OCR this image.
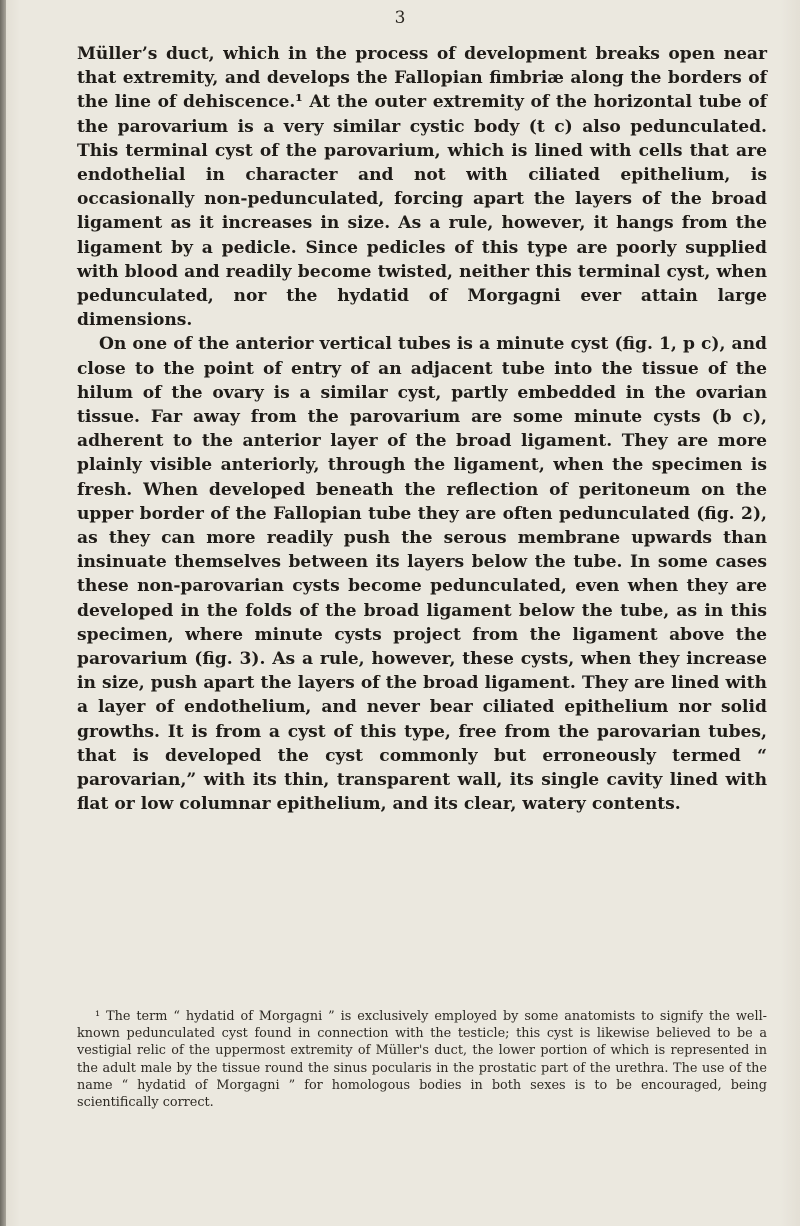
3

Müller’s duct, which in the process of development breaks open near that extremity, and develops the Fallopian fimbriæ along the borders of the line of dehiscence.¹ At the outer extremity of the horizontal tube of the parovarium is a very similar cystic body (t c) also pedunculated. This terminal cyst of the parovarium, which is lined with cells that are endothelial in character and not with ciliated epithelium, is occasionally non-pedunculated, forcing apart the layers of the broad ligament as it increases in size. As a rule, however, it hangs from the ligament by a pedicle. Since pedicles of this type are poorly supplied with blood and readily become twisted, neither this terminal cyst, when pedunculated, nor the hydatid of Morgagni ever attain large dimensions.

On one of the anterior vertical tubes is a minute cyst (fig. 1, p c), and close to the point of entry of an adjacent tube into the tissue of the hilum of the ovary is a similar cyst, partly embedded in the ovarian tissue. Far away from the parovarium are some minute cysts (b c), adherent to the anterior layer of the broad ligament. They are more plainly visible anteriorly, through the ligament, when the specimen is fresh. When developed beneath the reflection of peritoneum on the upper border of the Fallopian tube they are often pedunculated (fig. 2), as they can more readily push the serous membrane upwards than insinuate themselves between its layers below the tube. In some cases these non-parovarian cysts become pedunculated, even when they are developed in the folds of the broad ligament below the tube, as in this specimen, where minute cysts project from the ligament above the parovarium (fig. 3). As a rule, however, these cysts, when they increase in size, push apart the layers of the broad ligament. They are lined with a layer of endothelium, and never bear ciliated epithelium nor solid growths. It is from a cyst of this type, free from the parovarian tubes, that is developed the cyst commonly but erroneously termed “ parovarian,” with its thin, transparent wall, its single cavity lined with flat or low columnar epithelium, and its clear, watery contents.

¹ The term “ hydatid of Morgagni ” is exclusively employed by some anatomists to signify the well-known pedunculated cyst found in connection with the testicle; this cyst is likewise believed to be a vestigial relic of the uppermost extremity of Müller's duct, the lower portion of which is represented in the adult male by the tissue round the sinus pocularis in the prostatic part of the urethra. The use of the name “ hydatid of Morgagni ” for homologous bodies in both sexes is to be encouraged, being scientifically correct.
